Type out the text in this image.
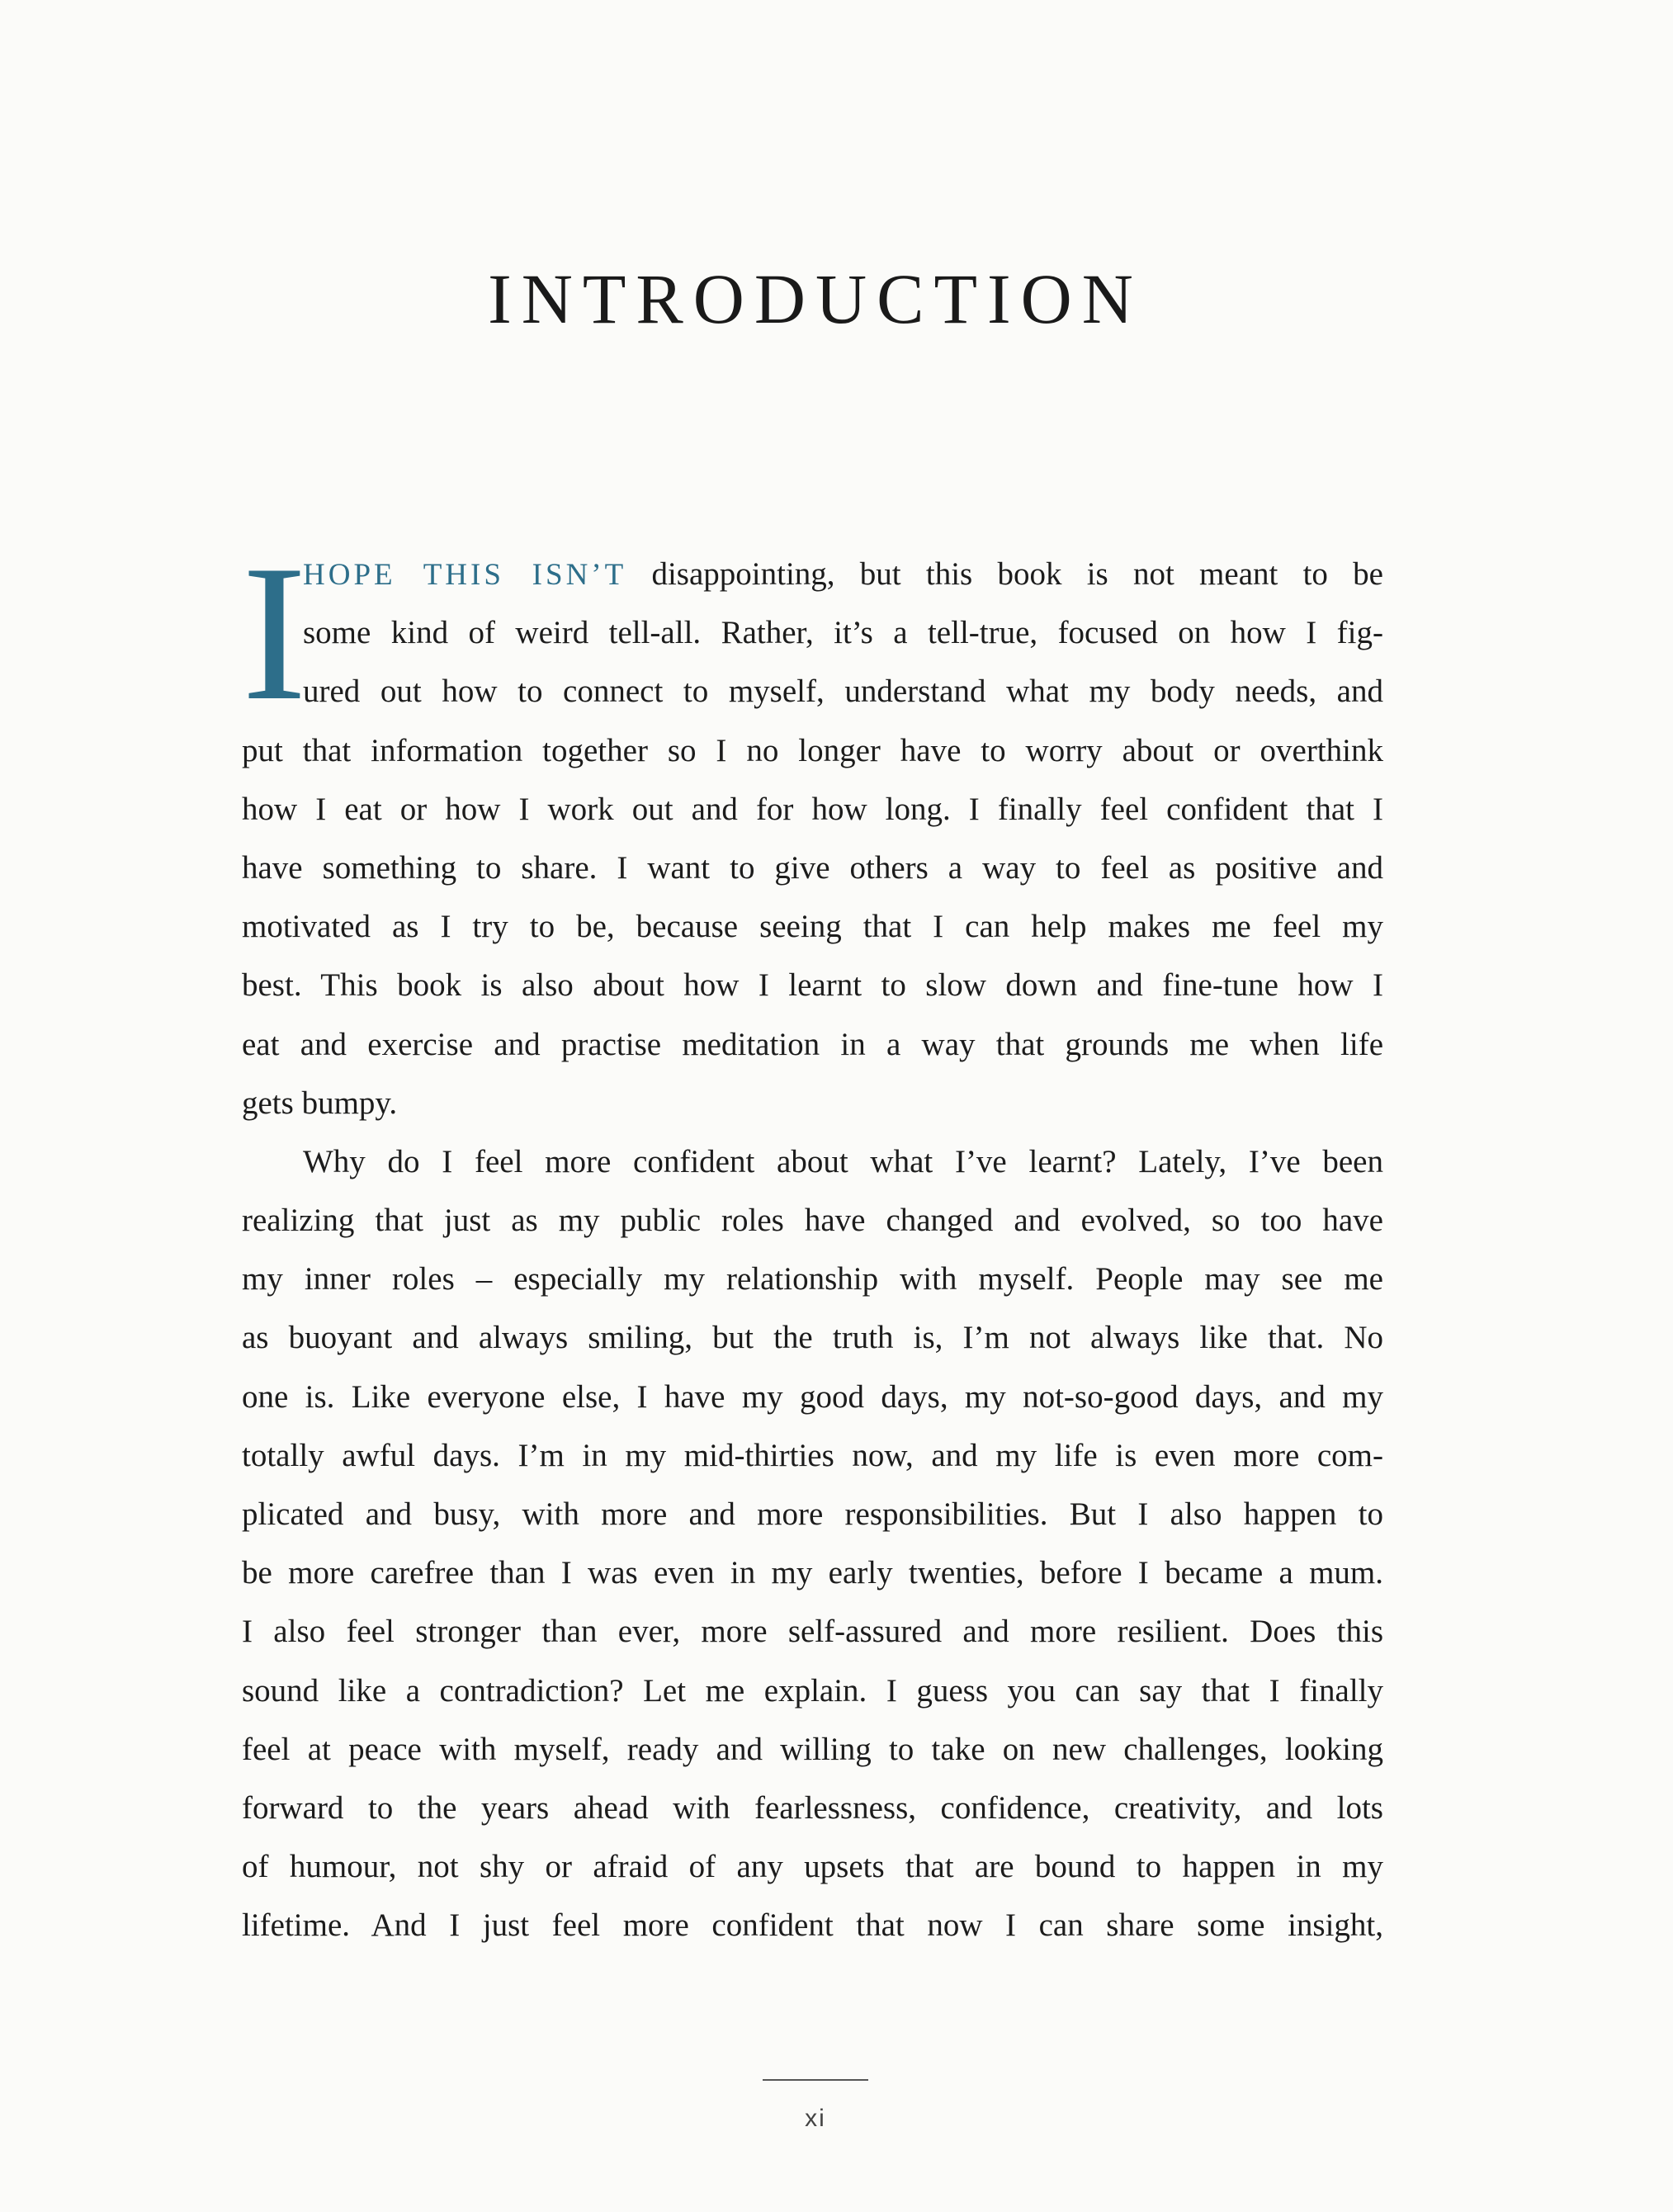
INTRODUCTION
I
HOPE THIS ISN’T disappointing, but this book is not meant to be
some kind of weird tell-all. Rather, it’s a tell-true, focused on how I fig-
ured out how to connect to myself, understand what my body needs, and
put that information together so I no longer have to worry about or overthink
how I eat or how I work out and for how long. I finally feel confident that I
have something to share. I want to give others a way to feel as positive and
motivated as I try to be, because seeing that I can help makes me feel my
best. This book is also about how I learnt to slow down and fine-tune how I
eat and exercise and practise meditation in a way that grounds me when life
gets bumpy.
Why do I feel more confident about what I’ve learnt? Lately, I’ve been
realizing that just as my public roles have changed and evolved, so too have
my inner roles – especially my relationship with myself. People may see me
as buoyant and always smiling, but the truth is, I’m not always like that. No
one is. Like everyone else, I have my good days, my not-so-good days, and my
totally awful days. I’m in my mid-thirties now, and my life is even more com-
plicated and busy, with more and more responsibilities. But I also happen to
be more carefree than I was even in my early twenties, before I became a mum.
I also feel stronger than ever, more self-assured and more resilient. Does this
sound like a contradiction? Let me explain. I guess you can say that I finally
feel at peace with myself, ready and willing to take on new challenges, looking
forward to the years ahead with fearlessness, confidence, creativity, and lots
of humour, not shy or afraid of any upsets that are bound to happen in my
lifetime. And I just feel more confident that now I can share some insight,
xi
